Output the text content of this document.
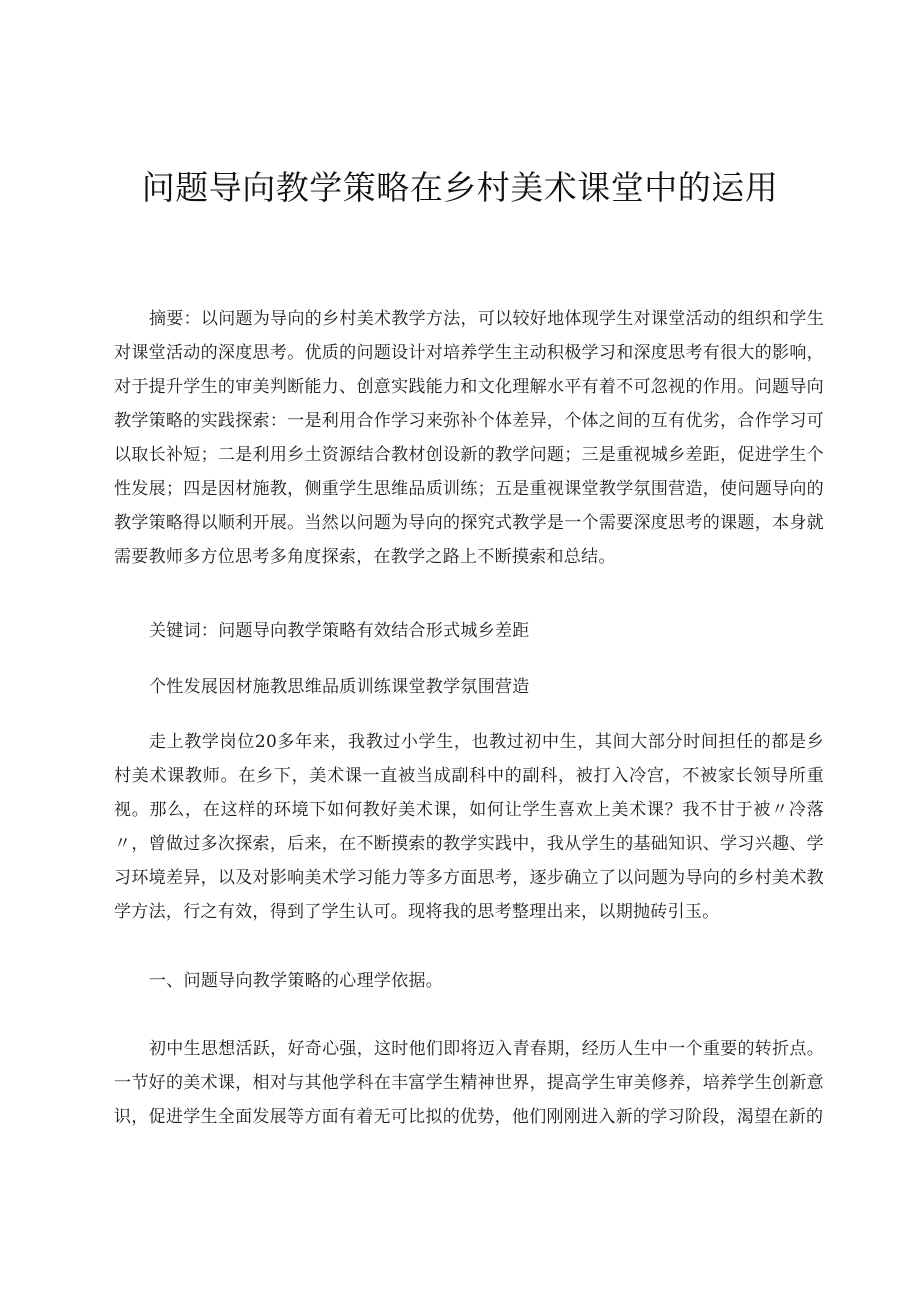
问题导向教学策略在乡村美术课堂中的运用

摘要：以问题为导向的乡村美术教学方法，可以较好地体现学生对课堂活动的组织和学生对课堂活动的深度思考。优质的问题设计对培养学生主动积极学习和深度思考有很大的影响，对于提升学生的审美判断能力、创意实践能力和文化理解水平有着不可忽视的作用。问题导向教学策略的实践探索：一是利用合作学习来弥补个体差异，个体之间的互有优劣，合作学习可以取长补短；二是利用乡土资源结合教材创设新的教学问题；三是重视城乡差距，促进学生个性发展；四是因材施教，侧重学生思维品质训练；五是重视课堂教学氛围营造，使问题导向的教学策略得以顺利开展。当然以问题为导向的探究式教学是一个需要深度思考的课题，本身就需要教师多方位思考多角度探索，在教学之路上不断摸索和总结。

关键词：问题导向教学策略有效结合形式城乡差距

个性发展因材施教思维品质训练课堂教学氛围营造

走上教学岗位20多年来，我教过小学生，也教过初中生，其间大部分时间担任的都是乡村美术课教师。在乡下，美术课一直被当成副科中的副科，被打入冷宫，不被家长领导所重视。那么，在这样的环境下如何教好美术课，如何让学生喜欢上美术课？我不甘于被〃冷落〃，曾做过多次探索，后来，在不断摸索的教学实践中，我从学生的基础知识、学习兴趣、学习环境差异，以及对影响美术学习能力等多方面思考，逐步确立了以问题为导向的乡村美术教学方法，行之有效，得到了学生认可。现将我的思考整理出来，以期抛砖引玉。

一、问题导向教学策略的心理学依据。

初中生思想活跃，好奇心强，这时他们即将迈入青春期，经历人生中一个重要的转折点。一节好的美术课，相对与其他学科在丰富学生精神世界，提高学生审美修养，培养学生创新意识，促进学生全面发展等方面有着无可比拟的优势，他们刚刚进入新的学习阶段，渴望在新的
